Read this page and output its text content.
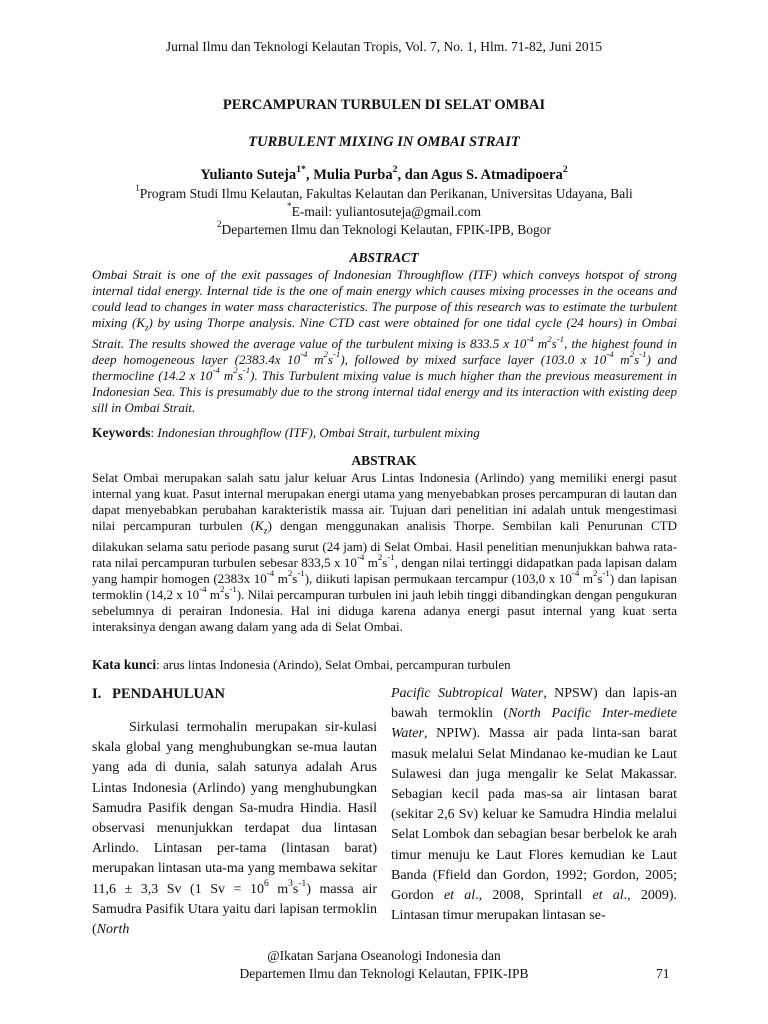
Jurnal Ilmu dan Teknologi Kelautan Tropis, Vol. 7, No. 1, Hlm. 71-82, Juni 2015
PERCAMPURAN TURBULEN DI SELAT OMBAI
TURBULENT MIXING IN OMBAI STRAIT
Yulianto Suteja$^{1*}$, Mulia Purba$^2$, dan Agus S. Atmadipoera$^2$
$^1$Program Studi Ilmu Kelautan, Fakultas Kelautan dan Perikanan, Universitas Udayana, Bali
*E-mail: yuliantosuteja@gmail.com
$^2$Departemen Ilmu dan Teknologi Kelautan, FPIK-IPB, Bogor
ABSTRACT

Ombai Strait is one of the exit passages of Indonesian Throughflow (ITF) which conveys hotspot of strong internal tidal energy. Internal tide is the one of main energy which causes mixing processes in the oceans and could lead to changes in water mass characteristics. The purpose of this research was to estimate the turbulent mixing $(K_z)$ by using Thorpe analysis. Nine CTD cast were obtained for one tidal cycle (24 hours) in Ombai Strait. The results showed the average value of the turbulent mixing is 833.5 x $10^{-4}$ $m^2s^{-1}$, the highest found in deep homogeneous layer (2383.4x $10^{-4}$ $m^2s^{-1}$), followed by mixed surface layer (103.0 x $10^{-4}$ $m^2s^{-1}$) and thermocline (14.2 x $10^{-4}$ $m^2s^{-1}$). This Turbulent mixing value is much higher than the previous measurement in Indonesian Sea. This is presumably due to the strong internal tidal energy and its interaction with existing deep sill in Ombai Strait.

Keywords: Indonesian throughflow (ITF), Ombai Strait, turbulent mixing
ABSTRAK

Selat Ombai merupakan salah satu jalur keluar Arus Lintas Indonesia (Arlindo) yang memiliki energi pasut internal yang kuat. Pasut internal merupakan energi utama yang menyebabkan proses percampuran di lautan dan dapat menyebabkan perubahan karakteristik massa air. Tujuan dari penelitian ini adalah untuk mengestimasi nilai percampuran turbulen $(K_z)$ dengan menggunakan analisis Thorpe. Sembilan kali Penurunan CTD dilakukan selama satu periode pasang surut (24 jam) di Selat Ombai. Hasil penelitian menunjukkan bahwa rata-rata nilai percampuran turbulen sebesar 833,5 x $10^{-4}$ $m^2s^{-1}$, dengan nilai tertinggi didapatkan pada lapisan dalam yang hampir homogen (2383x $10^{-4}$ $m^2s^{-1}$), diikuti lapisan permukaan tercampur (103,0 x $10^{-4}$ $m^2s^{-1}$) dan lapisan termoklin (14,2 x $10^{-4}$ $m^2s^{-1}$). Nilai percampuran turbulen ini jauh lebih tinggi dibandingkan dengan pengukuran sebelumnya di perairan Indonesia. Hal ini diduga karena adanya energi pasut internal yang kuat serta interaksinya dengan awang dalam yang ada di Selat Ombai.

Kata kunci: arus lintas Indonesia (Arindo), Selat Ombai, percampuran turbulen
I.   PENDAHULUAN

Sirkulasi termohalin merupakan sir-kulasi skala global yang menghubungkan se-mua lautan yang ada di dunia, salah satunya adalah Arus Lintas Indonesia (Arlindo) yang menghubungkan Samudra Pasifik dengan Sa-mudra Hindia. Hasil observasi menunjukkan terdapat dua lintasan Arlindo. Lintasan per-tama (lintasan barat) merupakan lintasan uta-ma yang membawa sekitar 11,6 ± 3,3 Sv (1 $Sv = 10^6$ $m^3s^{-1}$) massa air Samudra Pasifik Utara yaitu dari lapisan termoklin (North

Pacific Subtropical Water, NPSW) dan lapis-an bawah termoklin (North Pacific Inter-mediete Water, NPIW). Massa air pada linta-san barat masuk melalui Selat Mindanao ke-mudian ke Laut Sulawesi dan juga mengalir ke Selat Makassar. Sebagian kecil pada mas-sa air lintasan barat (sekitar 2,6 Sv) keluar ke Samudra Hindia melalui Selat Lombok dan sebagian besar berbelok ke arah timur menuju ke Laut Flores kemudian ke Laut Banda (Ffield dan Gordon, 1992; Gordon, 2005; Gordon et al., 2008, Sprintall et al., 2009). Lintasan timur merupakan lintasan se-

@Ikatan Sarjana Oseanologi Indonesia dan
Departemen Ilmu dan Teknologi Kelautan, FPIK-IPB	71
